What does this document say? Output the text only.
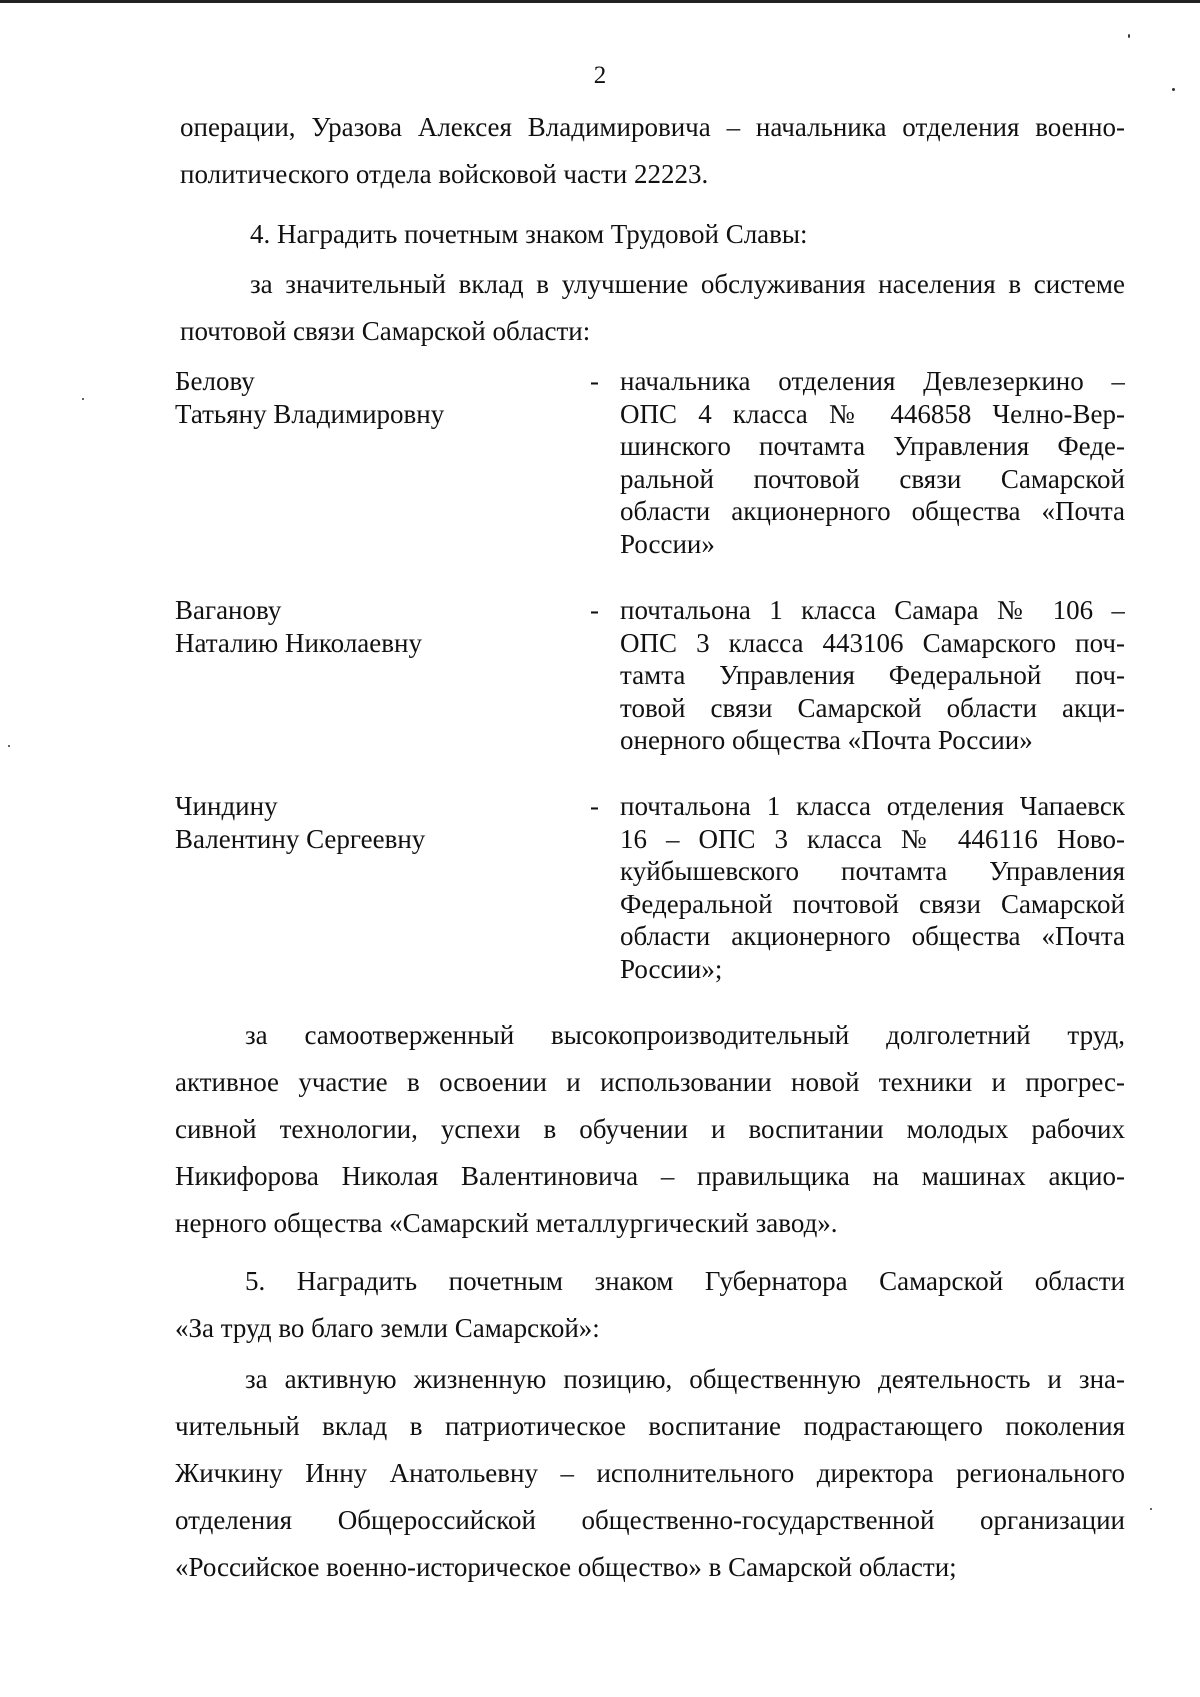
2
операции, Уразова Алексея Владимировича – начальника отделения военно-
политического отдела войсковой части 22223.
4. Наградить почетным знаком Трудовой Славы:
за значительный вклад в улучшение обслуживания населения в системе
почтовой связи Самарской области:
Белову
Татьяну Владимировну
- начальника отделения Девлезеркино –
ОПС 4 класса № 446858 Челно-Вер-
шинского почтамта Управления Феде-
ральной почтовой связи Самарской
области акционерного общества «Почта
России»
Ваганову
Наталию Николаевну
- почтальона 1 класса Самара № 106 –
ОПС 3 класса 443106 Самарского поч-
тамта Управления Федеральной поч-
товой связи Самарской области акци-
онерного общества «Почта России»
Чиндину
Валентину Сергеевну
- почтальона 1 класса отделения Чапаевск
16 – ОПС 3 класса № 446116 Ново-
куйбышевского почтамта Управления
Федеральной почтовой связи Самарской
области акционерного общества «Почта
России»;
за самоотверженный высокопроизводительный долголетний труд,
активное участие в освоении и использовании новой техники и прогрес-
сивной технологии, успехи в обучении и воспитании молодых рабочих
Никифорова Николая Валентиновича – правильщика на машинах акцио-
нерного общества «Самарский металлургический завод».
5. Наградить почетным знаком Губернатора Самарской области
«За труд во благо земли Самарской»:
за активную жизненную позицию, общественную деятельность и зна-
чительный вклад в патриотическое воспитание подрастающего поколения
Жичкину Инну Анатольевну – исполнительного директора регионального
отделения Общероссийской общественно-государственной организации
«Российское военно-историческое общество» в Самарской области;
